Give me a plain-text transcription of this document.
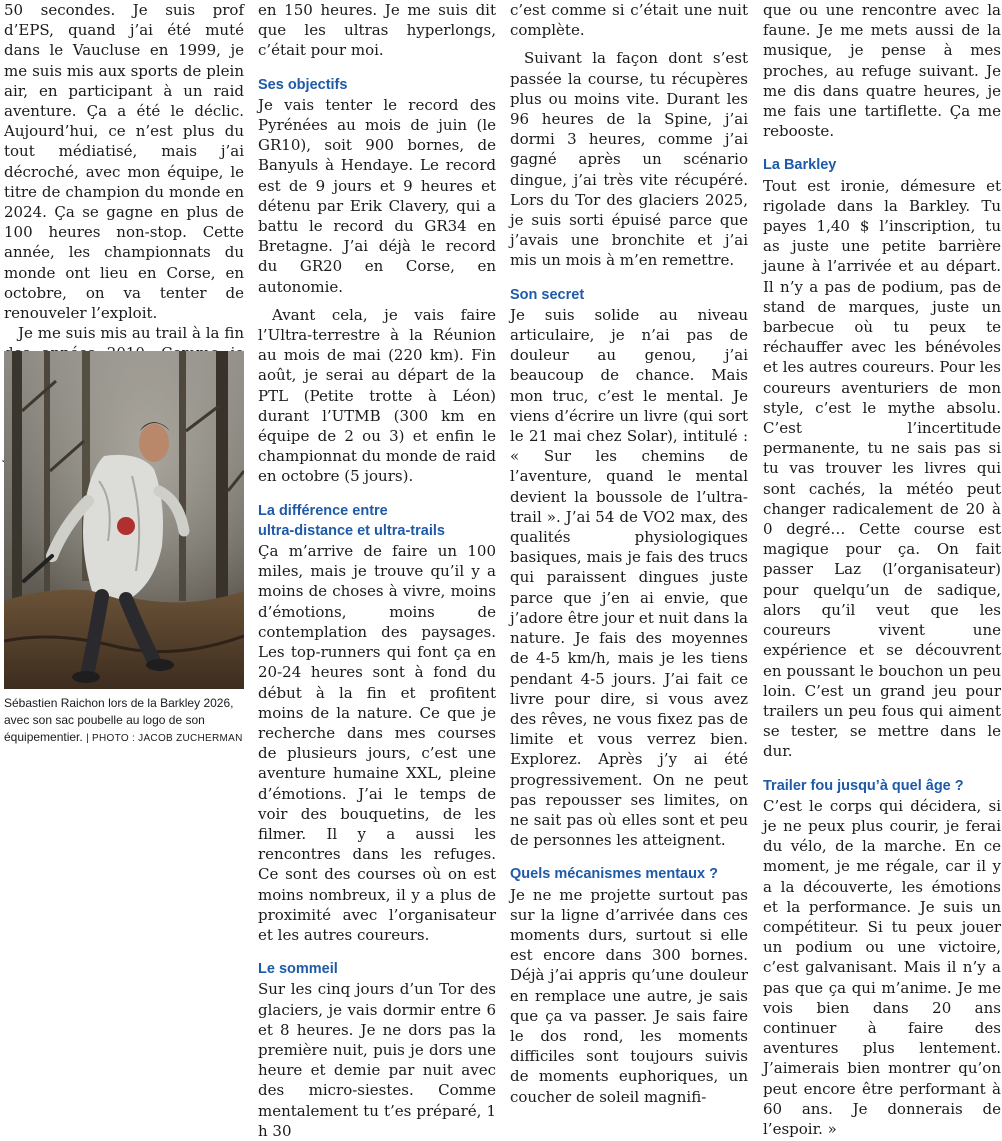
50 secondes. Je suis prof d’EPS, quand j’ai été muté dans le Vaucluse en 1999, je me suis mis aux sports de plein air, en participant à un raid aventure. Ça a été le déclic. Aujourd’hui, ce n’est plus du tout médiatisé, mais j’ai décroché, avec mon équipe, le titre de champion du monde en 2024. Ça se gagne en plus de 100 heures non-stop. Cette année, les championnats du monde ont lieu en Corse, en octobre, on va tenter de renouveler l’exploit.

Je me suis mis au trail à la fin

Sébastien Raichon lors de la Barkley 2026, avec son sac poubelle au logo de son équipementier. | PHOTO : JACOB ZUCHERMAN

en 150 heures. Je me suis dit que les ultras hyperlongs, c’était pour moi.

Ses objectifs

Je vais tenter le record des Pyrénées au mois de juin (le GR10), soit 900 bornes, de Banyuls à Hendaye. Le record est de 9 jours et 9 heures et détenu par Erik Clavery, qui a battu le record du GR34 en Bretagne. J’ai déjà le record du GR20 en Corse, en autonomie.

Avant cela, je vais faire l’Ultra-terrestre à la Réunion au mois de mai (220 km). Fin août, je serai au départ de la PTL (Petite trotte à Léon) durant l’UTMB (300 km en équipe de 2 ou 3) et enfin le championnat du monde de raid en octobre (5 jours).

La différence entre
ultra-distance et ultra-trails

Ça m’arrive de faire un 100 miles, mais je trouve qu’il y a moins de choses à vivre, moins d’émotions, moins de contemplation des paysages. Les top-runners qui font ça en 20-24 heures sont à fond du début à la fin et profitent moins de la nature. Ce que je recherche dans mes courses de plusieurs jours, c’est une aventure humaine XXL, pleine d’émotions. J’ai le temps de voir des bouquetins, de les filmer. Il y a aussi les rencontres dans les refuges. Ce sont des courses où on est moins nombreux, il y a plus de proximité avec l’organisateur et les autres coureurs.

Le sommeil

Sur les cinq jours d’un Tor des glaciers, je vais dormir entre 6 et 8 heures. Je ne dors pas la première nuit, puis je dors une heure et demie par nuit avec des micro-siestes. Comme mentalement tu t’es préparé, 1 h 30

c’est comme si c’était une nuit complète.

Suivant la façon dont s’est passée la course, tu récupères plus ou moins vite. Durant les 96 heures de la Spine, j’ai dormi 3 heures, comme j’ai gagné après un scénario dingue, j’ai très vite récupéré. Lors du Tor des glaciers 2025, je suis sorti épuisé parce que j’avais une bronchite et j’ai mis un mois à m’en remettre.

Son secret

Je suis solide au niveau articulaire, je n’ai pas de douleur au genou, j’ai beaucoup de chance. Mais mon truc, c’est le mental. Je viens d’écrire un livre (qui sort le 21 mai chez Solar), intitulé : « Sur les chemins de l’aventure, quand le mental devient la boussole de l’ultra-trail ». J’ai 54 de VO2 max, des qualités physiologiques basiques, mais je fais des trucs qui paraissent dingues juste parce que j’en ai envie, que j’adore être jour et nuit dans la nature. Je fais des moyennes de 4-5 km/h, mais je les tiens pendant 4-5 jours. J’ai fait ce livre pour dire, si vous avez des rêves, ne vous fixez pas de limite et vous verrez bien. Explorez. Après j’y ai été progressivement. On ne peut pas repousser ses limites, on ne sait pas où elles sont et peu de personnes les atteignent.

Quels mécanismes mentaux ?

Je ne me projette surtout pas sur la ligne d’arrivée dans ces moments durs, surtout si elle est encore dans 300 bornes. Déjà j’ai appris qu’une douleur en remplace une autre, je sais que ça va passer. Je sais faire le dos rond, les moments difficiles sont toujours suivis de moments euphoriques, un coucher de soleil magnifi-

que ou une rencontre avec la faune. Je me mets aussi de la musique, je pense à mes proches, au refuge suivant. Je me dis dans quatre heures, je me fais une tartiflette. Ça me rebooste.

La Barkley

Tout est ironie, démesure et rigolade dans la Barkley. Tu payes 1,40 $ l’inscription, tu as juste une petite barrière jaune à l’arrivée et au départ. Il n’y a pas de podium, pas de stand de marques, juste un barbecue où tu peux te réchauffer avec les bénévoles et les autres coureurs. Pour les coureurs aventuriers de mon style, c’est le mythe absolu. C’est l’incertitude permanente, tu ne sais pas si tu vas trouver les livres qui sont cachés, la météo peut changer radicalement de 20 à 0 degré… Cette course est magique pour ça. On fait passer Laz (l’organisateur) pour quelqu’un de sadique, alors qu’il veut que les coureurs vivent une expérience et se découvrent en poussant le bouchon un peu loin. C’est un grand jeu pour trailers un peu fous qui aiment se tester, se mettre dans le dur.

Trailer fou jusqu’à quel âge ?

C’est le corps qui décidera, si je ne peux plus courir, je ferai du vélo, de la marche. En ce moment, je me régale, car il y a la découverte, les émotions et la performance. Je suis un compétiteur. Si tu peux jouer un podium ou une victoire, c’est galvanisant. Mais il n’y a pas que ça qui m’anime. Je me vois bien dans 20 ans continuer à faire des aventures plus lentement. J’aimerais bien montrer qu’on peut encore être performant à 60 ans. Je donnerais de l’espoir. »
